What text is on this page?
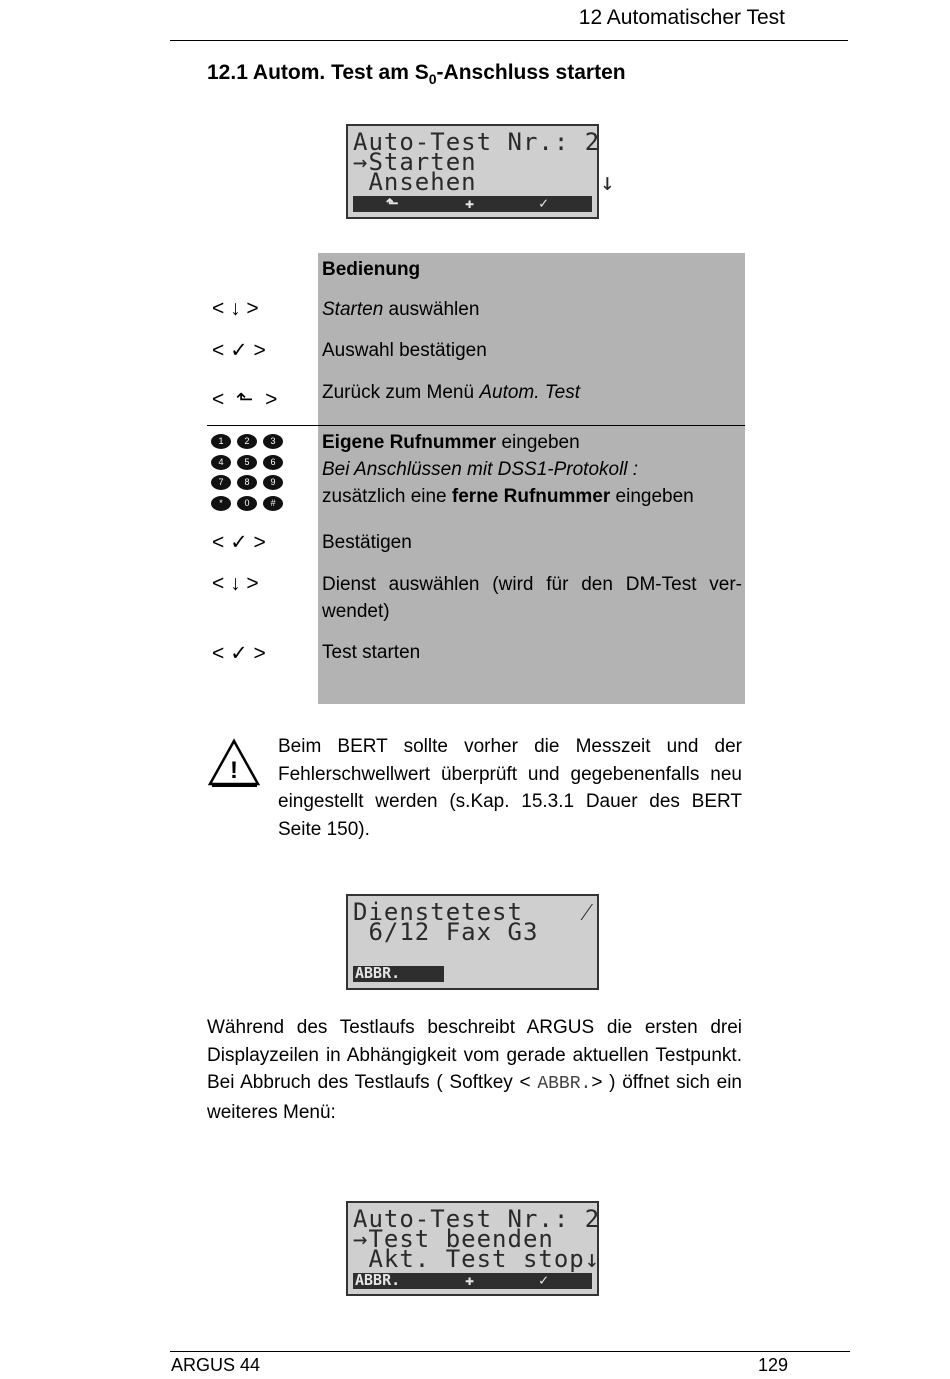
12 Automatischer Test
12.1 Autom. Test am $S_0$-Anschluss starten
Auto-Test Nr.: 2
→Starten
Ansehen        ↓
⬑	✚	✓
Bedienung
< ↓ >	Starten auswählen
< ✓ >	Auswahl bestätigen
<  ⬑  > Zurück zum Menü Autom. Test
1	2	3
4	5	6
7	8	9
*	0	#
Eigene Rufnummer eingeben
Bei Anschlüssen mit DSS1-Protokoll :
zusätzlich eine ferne Rufnummer eingeben
< ✓ >	Bestätigen
< ↓ >	Dienst auswählen (wird für den DM-Test ver-
wendet)
< ✓ >	Test starten
!
Beim BERT sollte vorher die Messzeit und der Fehlerschwellwert überprüft und gegebenenfalls neu eingestellt werden (s.Kap. 15.3.1 Dauer des BERT Seite 150).
Dienstetest    ⁄
6/12 Fax G3
ABBR.
Während des Testlaufs beschreibt ARGUS die ersten drei Displayzeilen in Abhängigkeit vom gerade aktuellen Testpunkt. Bei Abbruch des Testlaufs ( Softkey < ABBR.> ) öffnet sich ein weiteres Menü:
Auto-Test Nr.: 2
→Test beenden
Akt. Test stop↓
ABBR.	✚	✓
ARGUS 44	129
